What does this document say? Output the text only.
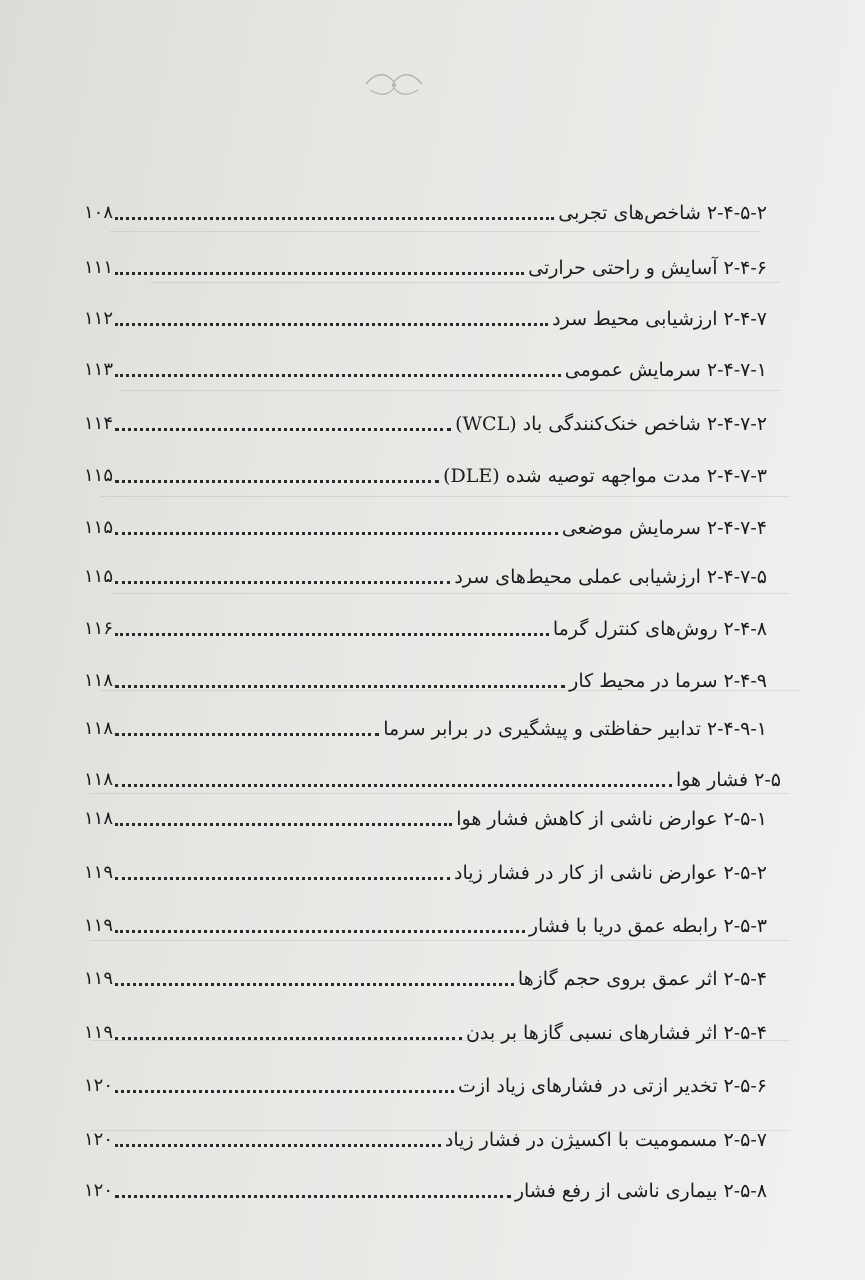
۲-۴-۵-۲ شاخص‌های تجربی
۱۰۸
۲-۴-۶ آسایش و راحتی حرارتی
۱۱۱
۲-۴-۷ ارزشیابی محیط سرد
۱۱۲
۲-۴-۷-۱ سرمایش عمومی
۱۱۳
۲-۴-۷-۲ شاخص خنک‌کنندگی باد (WCL)
۱۱۴
۲-۴-۷-۳ مدت مواجهه توصیه شده (DLE)
۱۱۵
۲-۴-۷-۴ سرمایش موضعی
۱۱۵
۲-۴-۷-۵ ارزشیابی عملی محیط‌های سرد
۱۱۵
۲-۴-۸ روش‌های کنترل گرما
۱۱۶
۲-۴-۹ سرما در محیط کار
۱۱۸
۲-۴-۹-۱ تدابیر حفاظتی و پیشگیری در برابر سرما
۱۱۸
۲-۵ فشار هوا
۱۱۸
۲-۵-۱ عوارض ناشی از کاهش فشار هوا
۱۱۸
۲-۵-۲ عوارض ناشی از کار در فشار زیاد
۱۱۹
۲-۵-۳ رابطه عمق دریا با فشار
۱۱۹
۲-۵-۴ اثر عمق بروی حجم گازها
۱۱۹
۲-۵-۴ اثر فشارهای نسبی گازها بر بدن
۱۱۹
۲-۵-۶ تخدیر ازتی در فشارهای زیاد ازت
۱۲۰
۲-۵-۷ مسمومیت با اکسیژن در فشار زیاد
۱۲۰
۲-۵-۸ بیماری ناشی از رفع فشار
۱۲۰
